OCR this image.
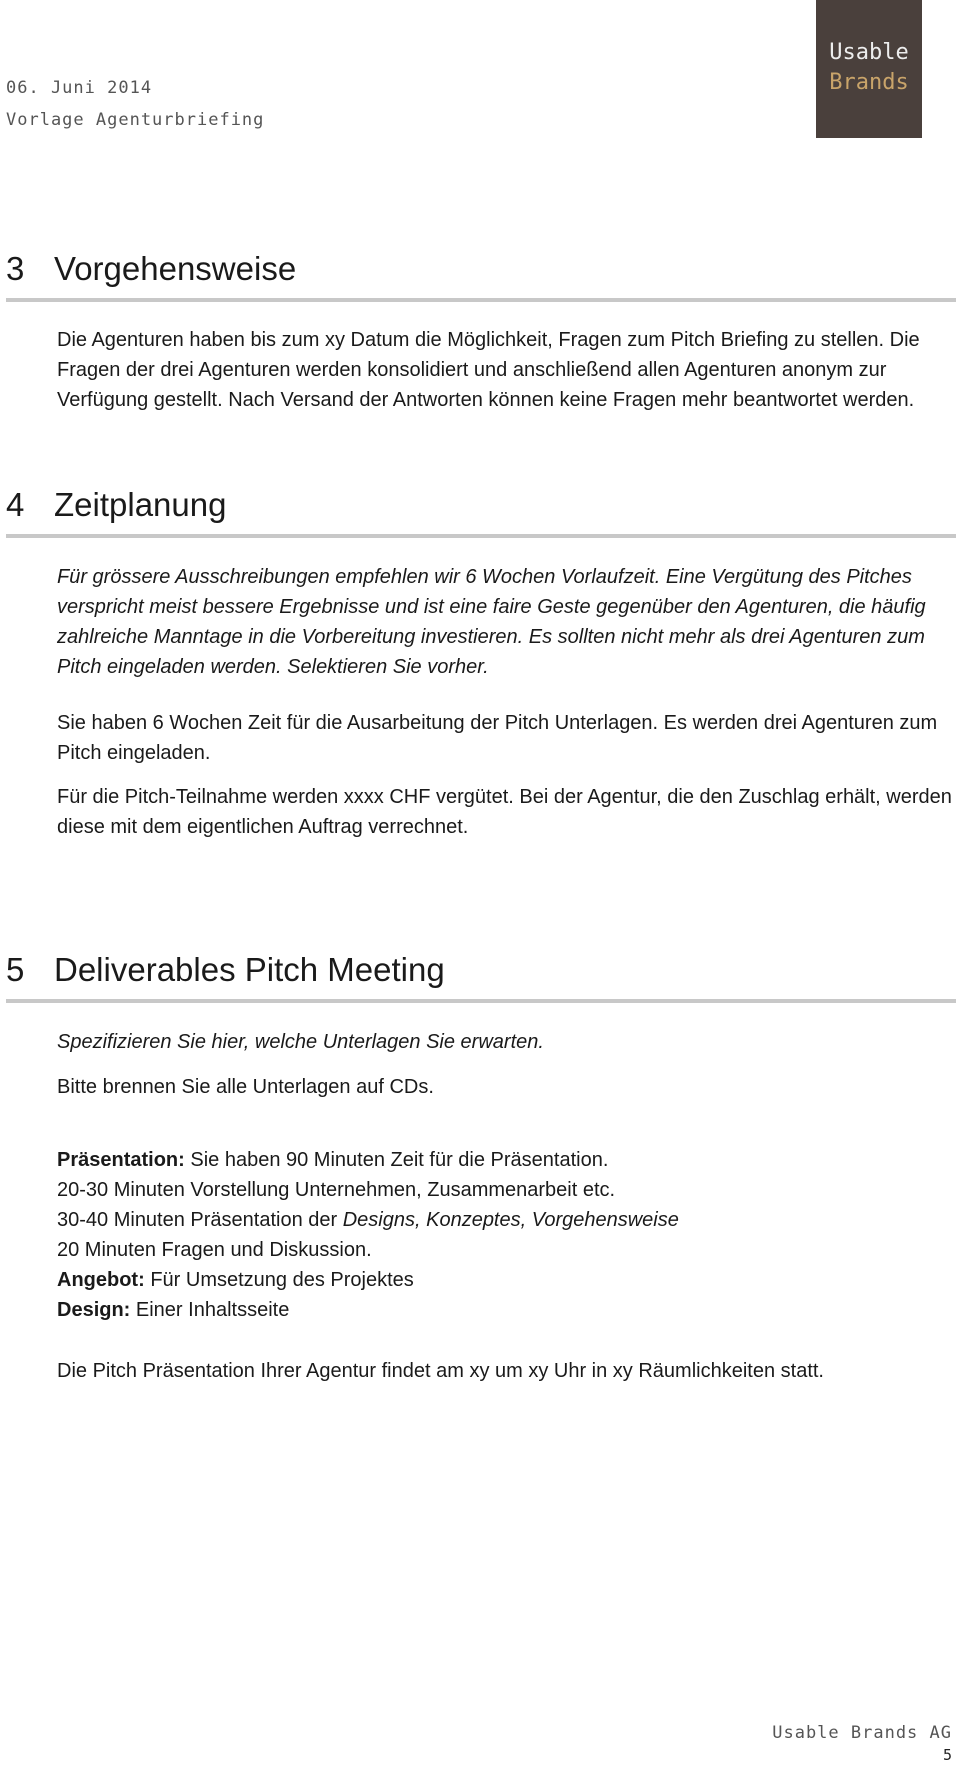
06. Juni 2014
Vorlage Agenturbriefing
Usable
Brands
3 Vorgehensweise

Die Agenturen haben bis zum xy Datum die Möglichkeit, Fragen zum Pitch Briefing zu stellen. Die Fragen der drei Agenturen werden konsolidiert und anschließend allen Agenturen anonym zur Verfügung gestellt. Nach Versand der Antworten können keine Fragen mehr beantwortet werden.

4 Zeitplanung

Für grössere Ausschreibungen empfehlen wir 6 Wochen Vorlaufzeit. Eine Vergütung des Pitches verspricht meist bessere Ergebnisse und ist eine faire Geste gegenüber den Agenturen, die häufig zahlreiche Manntage in die Vorbereitung investieren. Es sollten nicht mehr als drei Agenturen zum Pitch eingeladen werden. Selektieren Sie vorher.

Sie haben 6 Wochen Zeit für die Ausarbeitung der Pitch Unterlagen. Es werden drei Agenturen zum Pitch eingeladen.

Für die Pitch-Teilnahme werden xxxx CHF vergütet. Bei der Agentur, die den Zuschlag erhält, werden diese mit dem eigentlichen Auftrag verrechnet.

5 Deliverables Pitch Meeting

Spezifizieren Sie hier, welche Unterlagen Sie erwarten.

Bitte brennen Sie alle Unterlagen auf CDs.

Präsentation: Sie haben 90 Minuten Zeit für die Präsentation.

20-30 Minuten Vorstellung Unternehmen, Zusammenarbeit etc.

30-40 Minuten Präsentation der Designs, Konzeptes, Vorgehensweise

20 Minuten Fragen und Diskussion.

Angebot: Für Umsetzung des Projektes

Design: Einer Inhaltsseite

Die Pitch Präsentation Ihrer Agentur findet am xy um xy Uhr in xy Räumlichkeiten statt.

Usable Brands AG
5
